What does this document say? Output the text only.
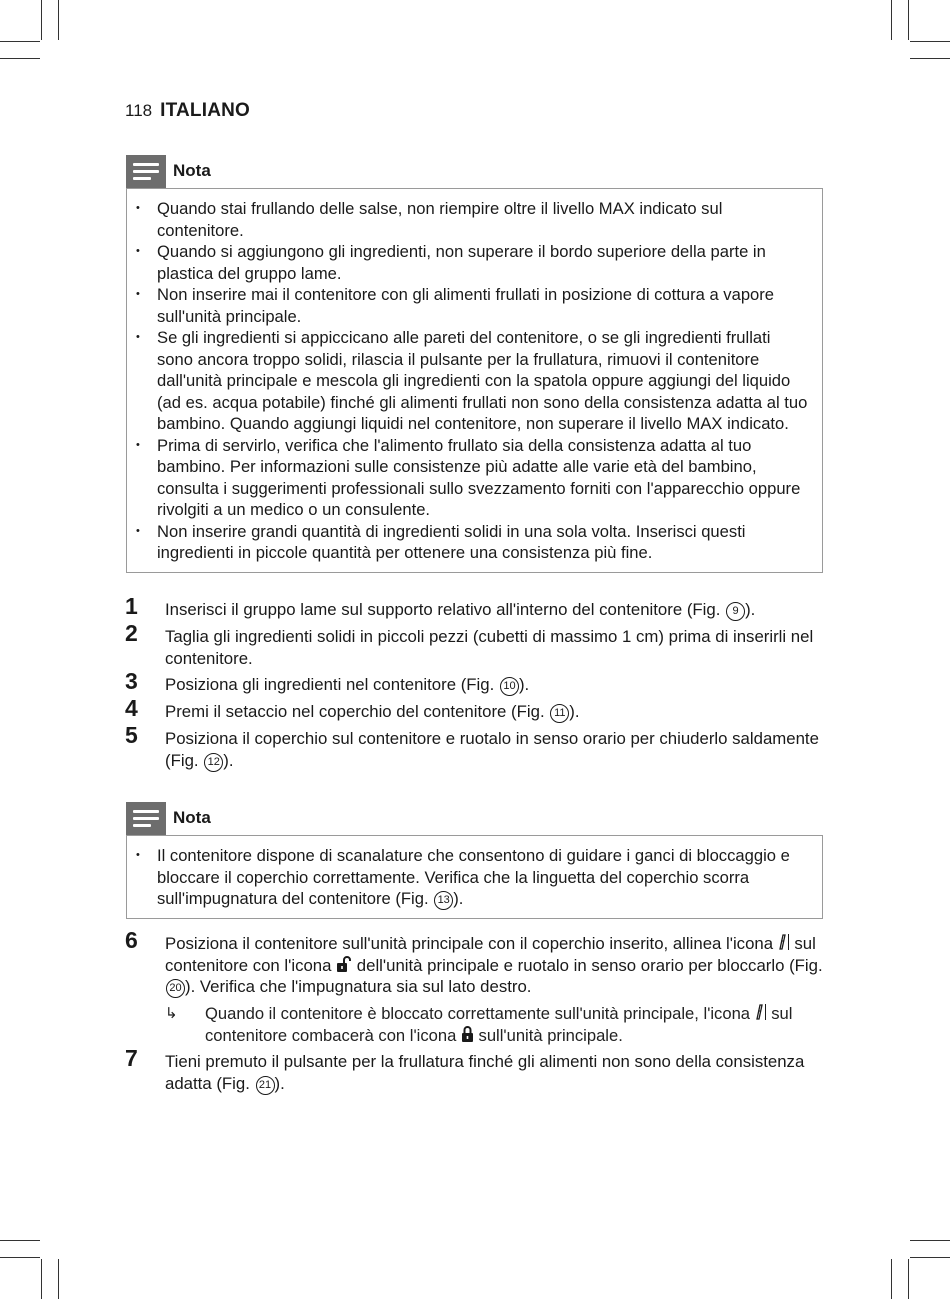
118 ITALIANO
Nota
• Quando stai frullando delle salse, non riempire oltre il livello MAX indicato sul contenitore.
• Quando si aggiungono gli ingredienti, non superare il bordo superiore della parte in plastica del gruppo lame.
• Non inserire mai il contenitore con gli alimenti frullati in posizione di cottura a vapore sull'unità principale.
• Se gli ingredienti si appiccicano alle pareti del contenitore, o se gli ingredienti frullati sono ancora troppo solidi, rilascia il pulsante per la frullatura, rimuovi il contenitore dall'unità principale e mescola gli ingredienti con la spatola oppure aggiungi del liquido (ad es. acqua potabile) finché gli alimenti frullati non sono della consistenza adatta al tuo bambino. Quando aggiungi liquidi nel contenitore, non superare il livello MAX indicato.
• Prima di servirlo, verifica che l'alimento frullato sia della consistenza adatta al tuo bambino. Per informazioni sulle consistenze più adatte alle varie età del bambino, consulta i suggerimenti professionali sullo svezzamento forniti con l'apparecchio oppure rivolgiti a un medico o un consulente.
• Non inserire grandi quantità di ingredienti solidi in una sola volta. Inserisci questi ingredienti in piccole quantità per ottenere una consistenza più fine.
1 Inserisci il gruppo lame sul supporto relativo all'interno del contenitore (Fig. 9 ).
2 Taglia gli ingredienti solidi in piccoli pezzi (cubetti di massimo 1 cm) prima di inserirli nel contenitore.
3 Posiziona gli ingredienti nel contenitore (Fig. 10 ).
4 Premi il setaccio nel coperchio del contenitore (Fig. 11 ).
5 Posiziona il coperchio sul contenitore e ruotalo in senso orario per chiuderlo saldamente (Fig. 12 ).
Nota
• Il contenitore dispone di scanalature che consentono di guidare i ganci di bloccaggio e bloccare il coperchio correttamente. Verifica che la linguetta del coperchio scorra sull'impugnatura del contenitore (Fig. 13 ).
6 Posiziona il contenitore sull'unità principale con il coperchio inserito, allinea l'icona  sul contenitore con l'icona  dell'unità principale e ruotalo in senso orario per bloccarlo (Fig. 20 ). Verifica che l'impugnatura sia sul lato destro.
↳ Quando il contenitore è bloccato correttamente sull'unità principale, l'icona  sul contenitore combacerà con l'icona  sull'unità principale.
7 Tieni premuto il pulsante per la frullatura finché gli alimenti non sono della consistenza adatta (Fig. 21 ).
